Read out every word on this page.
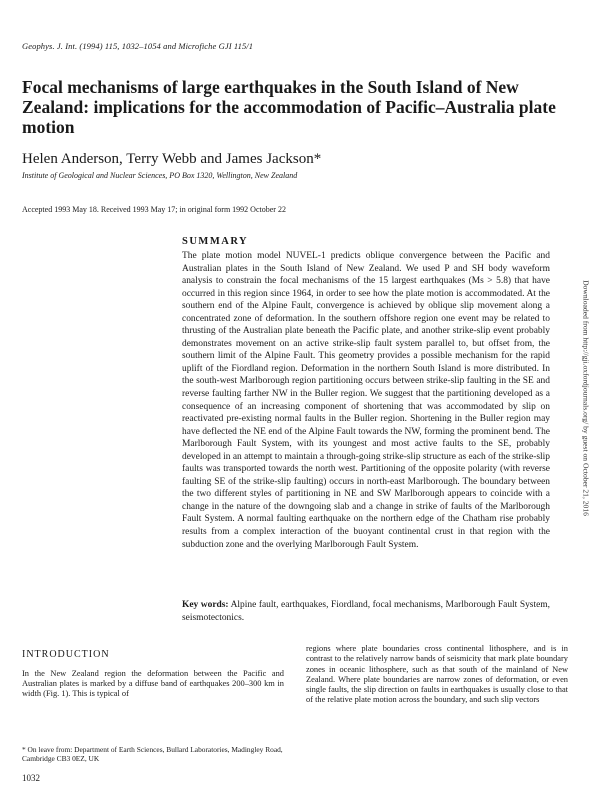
Geophys. J. Int. (1994) 115, 1032–1054 and Microfiche GJI 115/1
Focal mechanisms of large earthquakes in the South Island of New Zealand: implications for the accommodation of Pacific–Australia plate motion
Helen Anderson, Terry Webb and James Jackson*
Institute of Geological and Nuclear Sciences, PO Box 1320, Wellington, New Zealand
Accepted 1993 May 18. Received 1993 May 17; in original form 1992 October 22
SUMMARY
The plate motion model NUVEL-1 predicts oblique convergence between the Pacific and Australian plates in the South Island of New Zealand. We used P and SH body waveform analysis to constrain the focal mechanisms of the 15 largest earthquakes (Ms > 5.8) that have occurred in this region since 1964, in order to see how the plate motion is accommodated. At the southern end of the Alpine Fault, convergence is achieved by oblique slip movement along a concentrated zone of deformation. In the southern offshore region one event may be related to thrusting of the Australian plate beneath the Pacific plate, and another strike-slip event probably demonstrates movement on an active strike-slip fault system parallel to, but offset from, the southern limit of the Alpine Fault. This geometry provides a possible mechanism for the rapid uplift of the Fiordland region. Deformation in the northern South Island is more distributed. In the south-west Marlborough region partitioning occurs between strike-slip faulting in the SE and reverse faulting farther NW in the Buller region. We suggest that the partitioning developed as a consequence of an increasing component of shortening that was accommodated by slip on reactivated pre-existing normal faults in the Buller region. Shortening in the Buller region may have deflected the NE end of the Alpine Fault towards the NW, forming the prominent bend. The Marlborough Fault System, with its youngest and most active faults to the SE, probably developed in an attempt to maintain a through-going strike-slip structure as each of the strike-slip faults was transported towards the north west. Partitioning of the opposite polarity (with reverse faulting SE of the strike-slip faulting) occurs in north-east Marlborough. The boundary between the two different styles of partitioning in NE and SW Marlborough appears to coincide with a change in the nature of the downgoing slab and a change in strike of faults of the Marlborough Fault System. A normal faulting earthquake on the northern edge of the Chatham rise probably results from a complex interaction of the buoyant continental crust in that region with the subduction zone and the overlying Marlborough Fault System.
Key words: Alpine fault, earthquakes, Fiordland, focal mechanisms, Marlborough Fault System, seismotectonics.
INTRODUCTION
In the New Zealand region the deformation between the Pacific and Australian plates is marked by a diffuse band of earthquakes 200–300 km in width (Fig. 1). This is typical of
regions where plate boundaries cross continental lithosphere, and is in contrast to the relatively narrow bands of seismicity that mark plate boundary zones in oceanic lithosphere, such as that south of the mainland of New Zealand. Where plate boundaries are narrow zones of deformation, or even single faults, the slip direction on faults in earthquakes is usually close to that of the relative plate motion across the boundary, and such slip vectors
* On leave from: Department of Earth Sciences, Bullard Laboratories, Madingley Road, Cambridge CB3 0EZ, UK
1032
Downloaded from http://gji.oxfordjournals.org/ by guest on October 21, 2016
